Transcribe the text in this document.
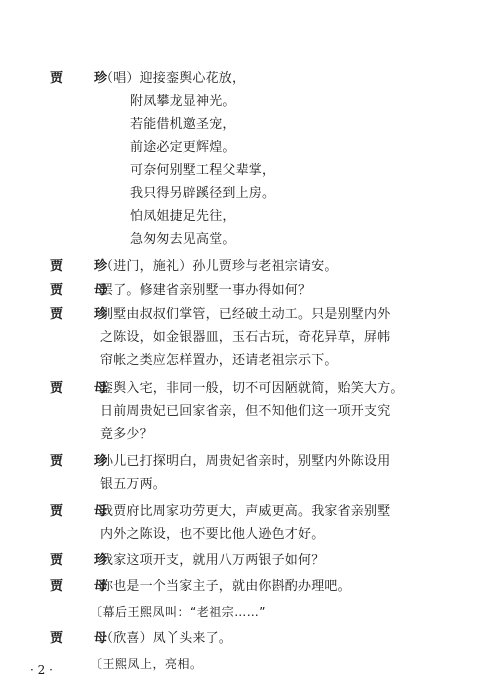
贾　珍
（唱）迎接銮舆心花放，
附凤攀龙显神光。
若能借机邀圣宠，
前途必定更辉煌。
可奈何别墅工程父辈掌，
我只得另辟蹊径到上房。
怕凤姐捷足先往，
急匆匆去见高堂。
贾　珍
（进门，施礼）孙儿贾珍与老祖宗请安。
贾　母
罢了。修建省亲别墅一事办得如何？
贾　珍
别墅由叔叔们掌管，已经破土动工。只是别墅内外
之陈设，如金银器皿，玉石古玩，奇花异草，屏帏
帘帐之类应怎样置办，还请老祖宗示下。
贾　母
銮舆入宅，非同一般，切不可因陋就简，贻笑大方。
日前周贵妃已回家省亲，但不知他们这一项开支究
竟多少？
贾　珍
孙儿已打探明白，周贵妃省亲时，别墅内外陈设用
银五万两。
贾　母
我贾府比周家功劳更大，声威更高。我家省亲别墅
内外之陈设，也不要比他人逊色才好。
贾　珍
我家这项开支，就用八万两银子如何？
贾　母
你也是一个当家主子，就由你斟酌办理吧。
〔幕后王熙凤叫：“老祖宗……”
贾　母
（欣喜）凤丫头来了。
〔王熙凤上，亮相。
· 2 ·
